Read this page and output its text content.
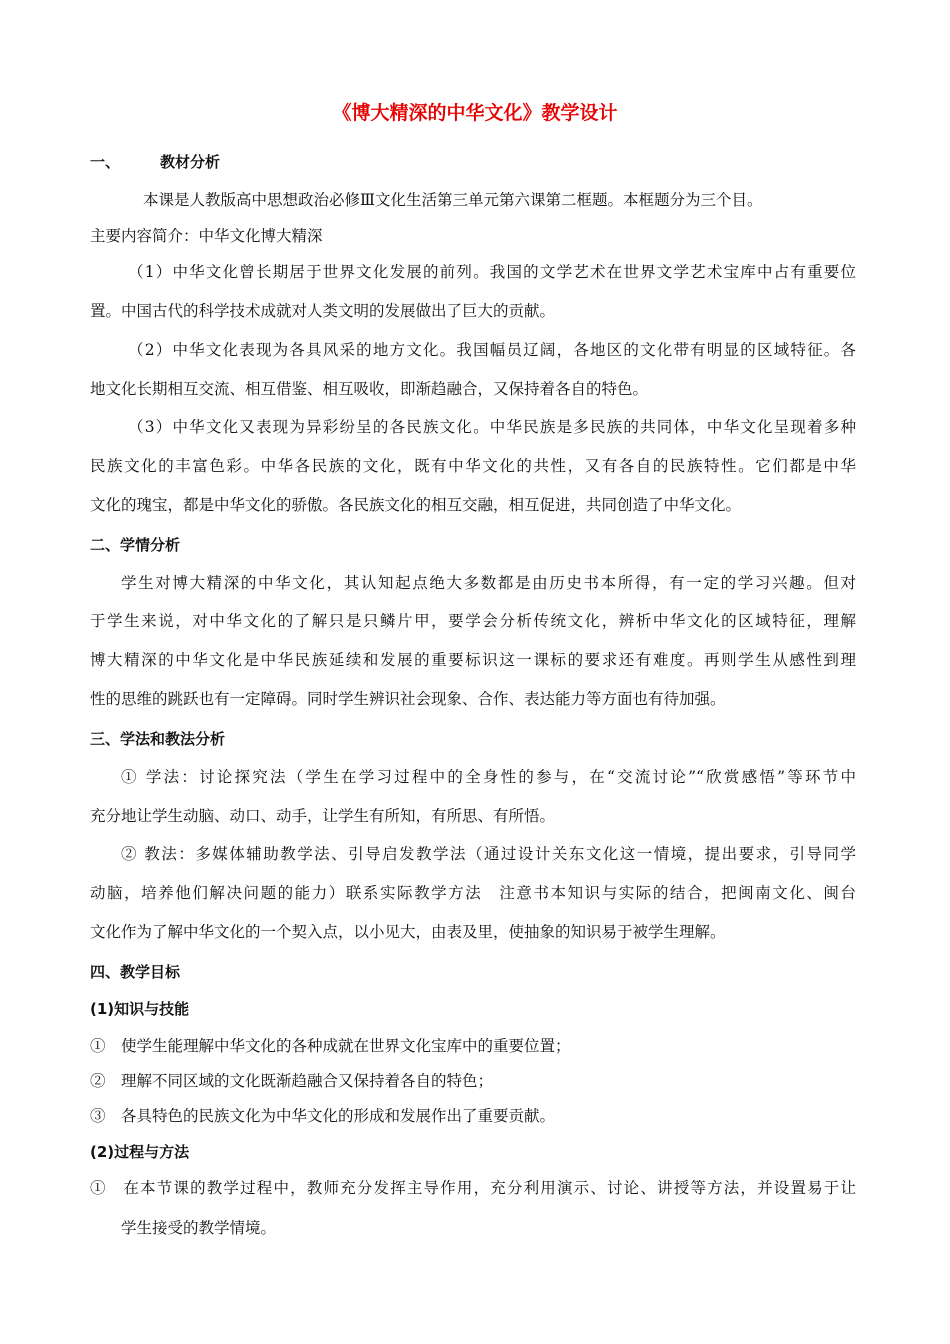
《博大精深的中华文化》教学设计
一、	教材分析
本课是人教版高中思想政治必修Ⅲ文化生活第三单元第六课第二框题。本框题分为三个目。
主要内容简介：中华文化博大精深
（1）中华文化曾长期居于世界文化发展的前列。我国的文学艺术在世界文学艺术宝库中占有重要位
置。中国古代的科学技术成就对人类文明的发展做出了巨大的贡献。
（2）中华文化表现为各具风采的地方文化。我国幅员辽阔，各地区的文化带有明显的区域特征。各
地文化长期相互交流、相互借鉴、相互吸收，即渐趋融合，又保持着各自的特色。
（3）中华文化又表现为异彩纷呈的各民族文化。中华民族是多民族的共同体，中华文化呈现着多种
民族文化的丰富色彩。中华各民族的文化，既有中华文化的共性，又有各自的民族特性。它们都是中华
文化的瑰宝，都是中华文化的骄傲。各民族文化的相互交融，相互促进，共同创造了中华文化。
二、学情分析
学生对博大精深的中华文化，其认知起点绝大多数都是由历史书本所得，有一定的学习兴趣。但对
于学生来说，对中华文化的了解只是只鳞片甲，要学会分析传统文化，辨析中华文化的区域特征，理解
博大精深的中华文化是中华民族延续和发展的重要标识这一课标的要求还有难度。再则学生从感性到理
性的思维的跳跃也有一定障碍。同时学生辨识社会现象、合作、表达能力等方面也有待加强。
三、学法和教法分析
① 学法：讨论探究法（学生在学习过程中的全身性的参与，在“交流讨论”“欣赏感悟”等环节中
充分地让学生动脑、动口、动手，让学生有所知，有所思、有所悟。
② 教法：多媒体辅助教学法、引导启发教学法（通过设计关东文化这一情境，提出要求，引导同学
动脑，培养他们解决问题的能力）联系实际教学方法　注意书本知识与实际的结合，把闽南文化、闽台
文化作为了解中华文化的一个契入点，以小见大，由表及里，使抽象的知识易于被学生理解。
四、教学目标
(1)知识与技能
①　使学生能理解中华文化的各种成就在世界文化宝库中的重要位置；
②　理解不同区域的文化既渐趋融合又保持着各自的特色；
③　各具特色的民族文化为中华文化的形成和发展作出了重要贡献。
(2)过程与方法
①　在本节课的教学过程中，教师充分发挥主导作用，充分利用演示、讨论、讲授等方法，并设置易于让
学生接受的教学情境。
